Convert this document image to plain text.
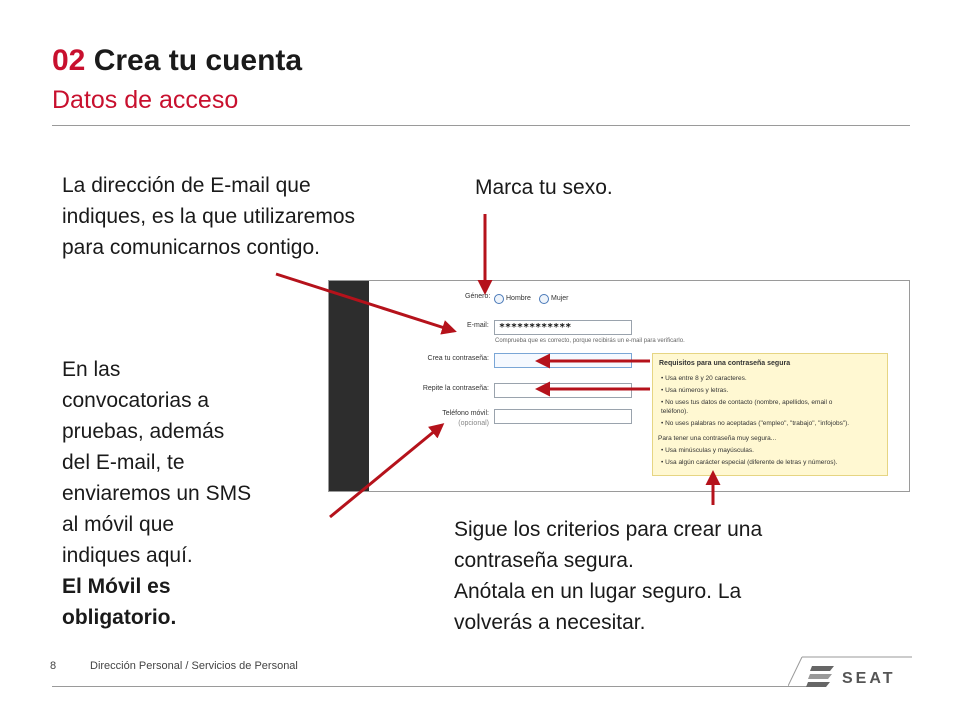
02 Crea tu cuenta
Datos de acceso
La dirección de E-mail que
indiques, es la que utilizaremos
para comunicarnos contigo.
Marca tu sexo.
En las
convocatorias a
pruebas, además
del E-mail, te
enviaremos un SMS
al móvil que
indiques aquí.
El Móvil es
obligatorio.
Sigue los criterios para crear una
contraseña segura.
Anótala en un lugar seguro. La
volverás a necesitar.
Género: Hombre	Mujer
E-mail: ************
Comprueba que es correcto, porque recibirás un e-mail para verificarlo.
Crea tu contraseña:
Repite la contraseña:
Teléfono móvil:
(opcional)
Requisitos para una contraseña segura
• Usa entre 8 y 20 caracteres.
• Usa números y letras.
• No uses tus datos de contacto (nombre, apellidos, email o
teléfono).
• No uses palabras no aceptadas ("empleo", "trabajo", "infojobs").
Para tener una contraseña muy segura...
• Usa minúsculas y mayúsculas.
• Usa algún carácter especial (diferente de letras y números).
8	Dirección Personal / Servicios de Personal
SEAT
